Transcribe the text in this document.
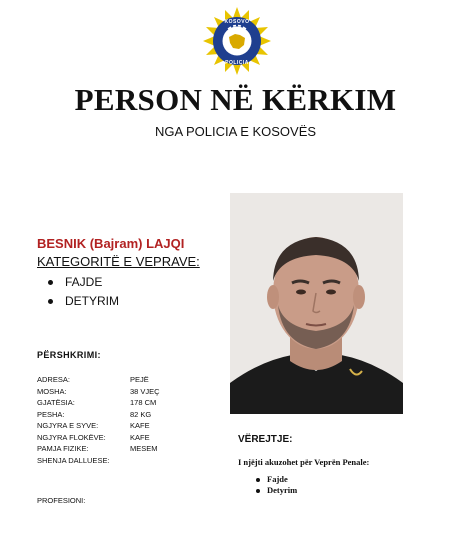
POLICIA
KOSOVO
PERSON NË KËRKIM
NGA POLICIA E KOSOVËS
BESNIK (Bajram) LAJQI
KATEGORITË E VEPRAVE:
FAJDE
DETYRIM
PËRSHKRIMI:
ADRESA:	PEJË
MOSHA:	38 VJEÇ
GJATËSIA:	178 CM
PESHA:	82 KG
NGJYRA E SYVE:	KAFE
NGJYRA FLOKËVE:	KAFE
PAMJA FIZIKE:	MESEM
SHENJA DALLUESE:
PROFESIONI:
VËREJTJE:
I njëjti akuzohet për Veprën Penale:
Fajde
Detyrim
